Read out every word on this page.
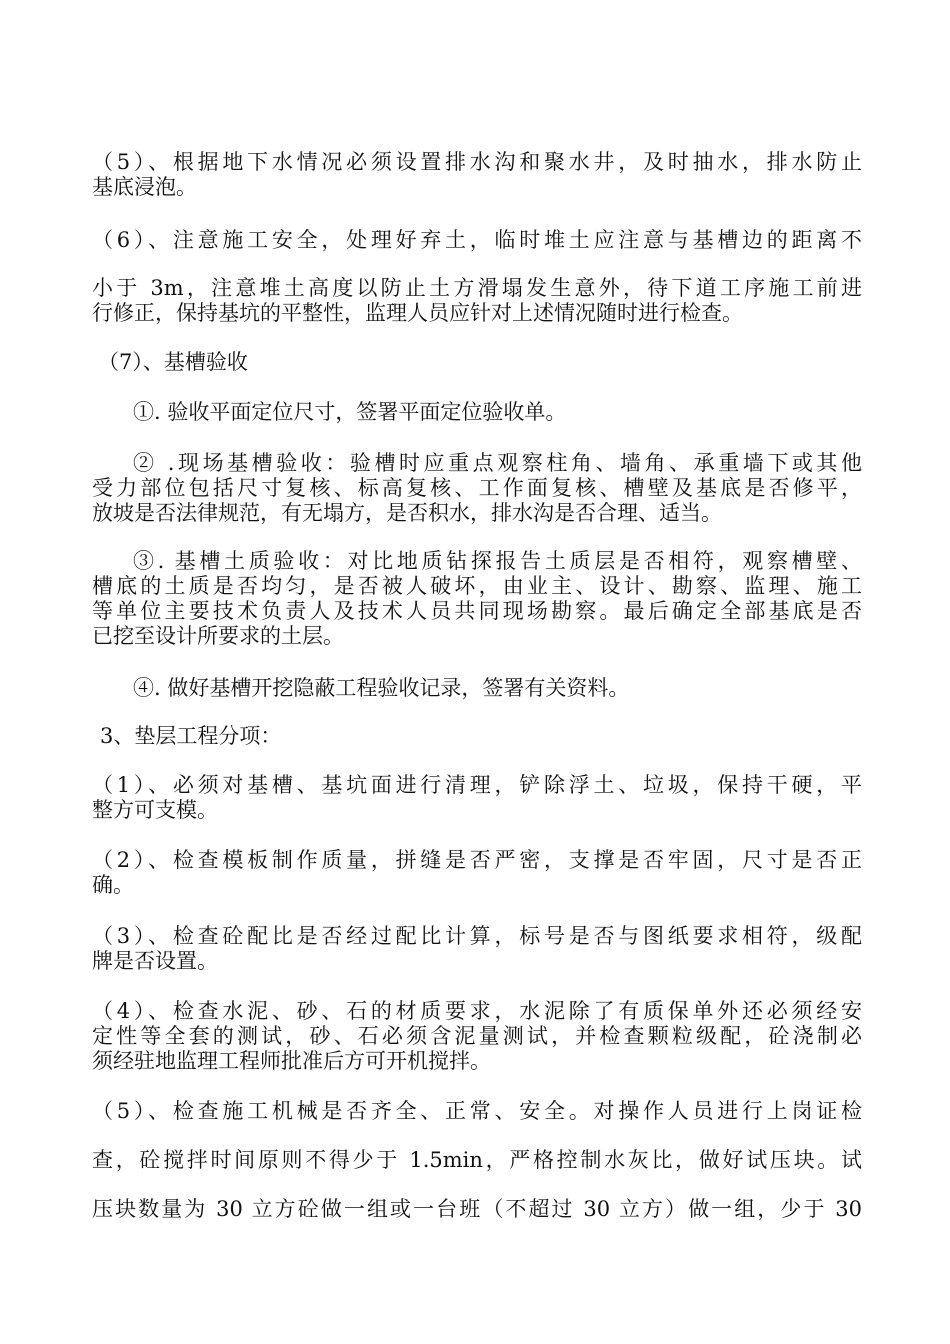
（5）、根据地下水情况必须设置排水沟和聚水井，及时抽水，排水防止
基底浸泡。
（6）、注意施工安全，处理好弃土，临时堆土应注意与基槽边的距离不
小于 3m，注意堆土高度以防止土方滑塌发生意外，待下道工序施工前进
行修正，保持基坑的平整性，监理人员应针对上述情况随时进行检查。
（7）、基槽验收
①. 验收平面定位尺寸，签署平面定位验收单。
② .现场基槽验收：验槽时应重点观察柱角、墙角、承重墙下或其他
受力部位包括尺寸复核、标高复核、工作面复核、槽壁及基底是否修平，
放坡是否法律规范，有无塌方，是否积水，排水沟是否合理、适当。
③. 基槽土质验收：对比地质钻探报告土质层是否相符，观察槽壁、
槽底的土质是否均匀，是否被人破坏，由业主、设计、勘察、监理、施工
等单位主要技术负责人及技术人员共同现场勘察。最后确定全部基底是否
已挖至设计所要求的土层。
④. 做好基槽开挖隐蔽工程验收记录，签署有关资料。
3、垫层工程分项：
（1）、必须对基槽、基坑面进行清理，铲除浮土、垃圾，保持干硬，平
整方可支模。
（2）、检查模板制作质量，拼缝是否严密，支撑是否牢固，尺寸是否正
确。
（3）、检查砼配比是否经过配比计算，标号是否与图纸要求相符，级配
牌是否设置。
（4）、检查水泥、砂、石的材质要求，水泥除了有质保单外还必须经安
定性等全套的测试，砂、石必须含泥量测试，并检查颗粒级配，砼浇制必
须经驻地监理工程师批准后方可开机搅拌。
（5）、检查施工机械是否齐全、正常、安全。对操作人员进行上岗证检
查，砼搅拌时间原则不得少于 1.5min，严格控制水灰比，做好试压块。试
压块数量为 30 立方砼做一组或一台班（不超过 30 立方）做一组，少于 30
